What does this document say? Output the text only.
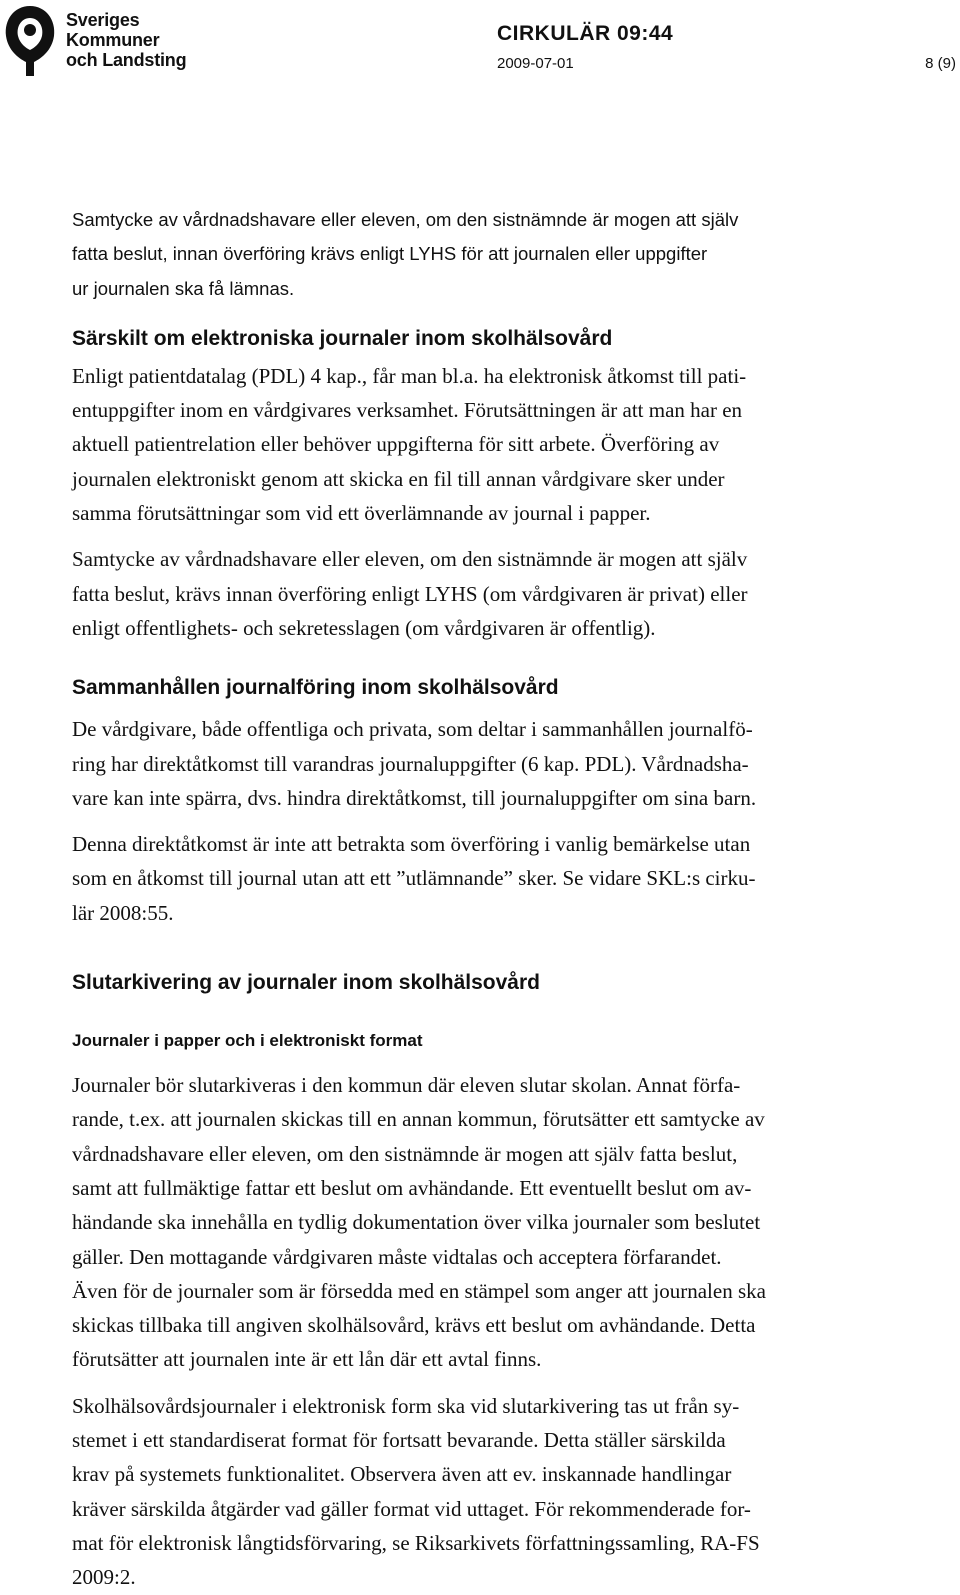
Sveriges
Kommuner
och Landsting
CIRKULÄR 09:44
2009-07-01	8 (9)
Samtycke av vårdnadshavare eller eleven, om den sistnämnde är mogen att själv
fatta beslut, innan överföring krävs enligt LYHS för att journalen eller uppgifter
ur journalen ska få lämnas.
Särskilt om elektroniska journaler inom skolhälsovård
Enligt patientdatalag (PDL) 4 kap., får man bl.a. ha elektronisk åtkomst till pati-
entuppgifter inom en vårdgivares verksamhet. Förutsättningen är att man har en
aktuell patientrelation eller behöver uppgifterna för sitt arbete. Överföring av
journalen elektroniskt genom att skicka en fil till annan vårdgivare sker under
samma förutsättningar som vid ett överlämnande av journal i papper.
Samtycke av vårdnadshavare eller eleven, om den sistnämnde är mogen att själv
fatta beslut, krävs innan överföring enligt LYHS (om vårdgivaren är privat) eller
enligt offentlighets- och sekretesslagen (om vårdgivaren är offentlig).
Sammanhållen journalföring inom skolhälsovård
De vårdgivare, både offentliga och privata, som deltar i sammanhållen journalfö-
ring har direktåtkomst till varandras journaluppgifter (6 kap. PDL). Vårdnadsha-
vare kan inte spärra, dvs. hindra direktåtkomst, till journaluppgifter om sina barn.
Denna direktåtkomst är inte att betrakta som överföring i vanlig bemärkelse utan
som en åtkomst till journal utan att ett ”utlämnande” sker. Se vidare SKL:s cirku-
lär 2008:55.
Slutarkivering av journaler inom skolhälsovård
Journaler i papper och i elektroniskt format
Journaler bör slutarkiveras i den kommun där eleven slutar skolan. Annat förfa-
rande, t.ex. att journalen skickas till en annan kommun, förutsätter ett samtycke av
vårdnadshavare eller eleven, om den sistnämnde är mogen att själv fatta beslut,
samt att fullmäktige fattar ett beslut om avhändande. Ett eventuellt beslut om av-
händande ska innehålla en tydlig dokumentation över vilka journaler som beslutet
gäller. Den mottagande vårdgivaren måste vidtalas och acceptera förfarandet.
Även för de journaler som är försedda med en stämpel som anger att journalen ska
skickas tillbaka till angiven skolhälsovård, krävs ett beslut om avhändande. Detta
förutsätter att journalen inte är ett lån där ett avtal finns.
Skolhälsovårdsjournaler i elektronisk form ska vid slutarkivering tas ut från sy-
stemet i ett standardiserat format för fortsatt bevarande. Detta ställer särskilda
krav på systemets funktionalitet. Observera även att ev. inskannade handlingar
kräver särskilda åtgärder vad gäller format vid uttaget. För rekommenderade for-
mat för elektronisk långtidsförvaring, se Riksarkivets författningssamling, RA-FS
2009:2.
